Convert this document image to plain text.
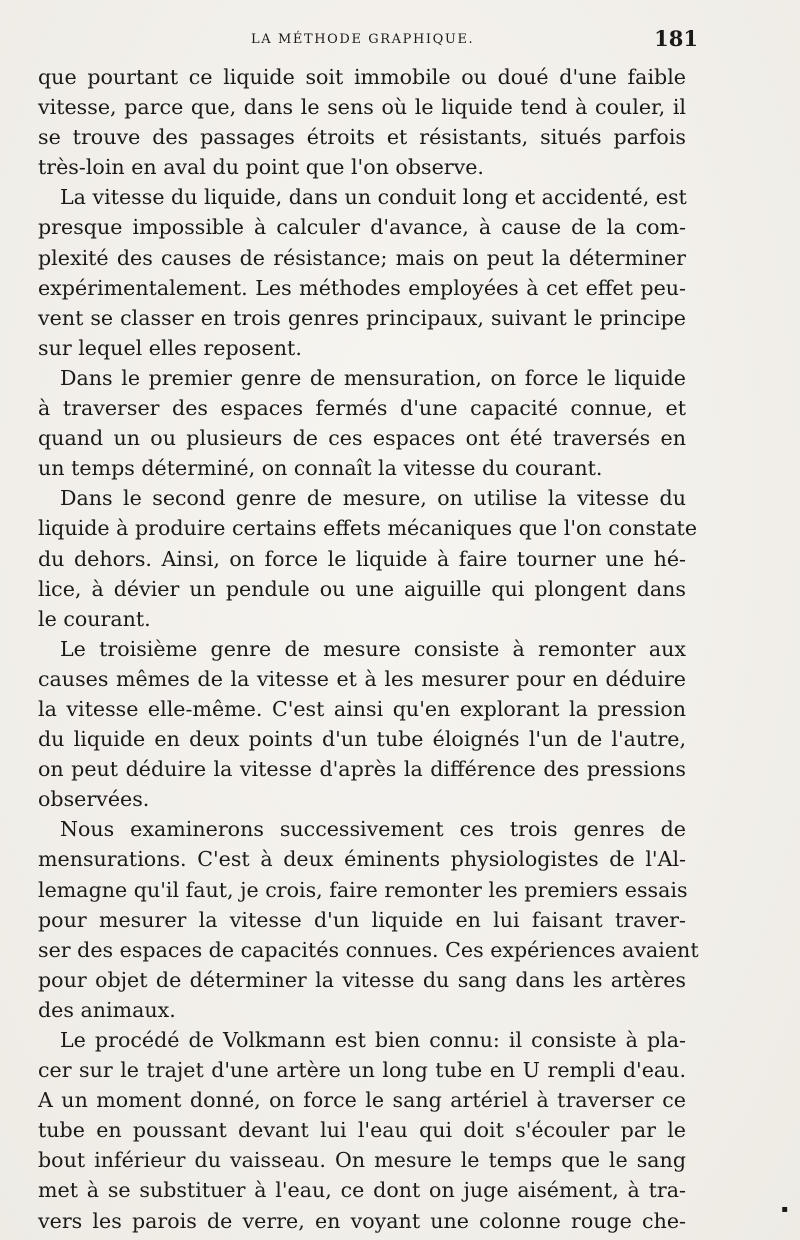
LA MÉTHODE GRAPHIQUE.	181
que pourtant ce liquide soit immobile ou doué d'une faible
vitesse, parce que, dans le sens où le liquide tend à couler, il
se trouve des passages étroits et résistants, situés parfois
très-loin en aval du point que l'on observe.
La vitesse du liquide, dans un conduit long et accidenté, est
presque impossible à calculer d'avance, à cause de la com-
plexité des causes de résistance; mais on peut la déterminer
expérimentalement. Les méthodes employées à cet effet peu-
vent se classer en trois genres principaux, suivant le principe
sur lequel elles reposent.
Dans le premier genre de mensuration, on force le liquide
à traverser des espaces fermés d'une capacité connue, et
quand un ou plusieurs de ces espaces ont été traversés en
un temps déterminé, on connaît la vitesse du courant.
Dans le second genre de mesure, on utilise la vitesse du
liquide à produire certains effets mécaniques que l'on constate
du dehors. Ainsi, on force le liquide à faire tourner une hé-
lice, à dévier un pendule ou une aiguille qui plongent dans
le courant.
Le troisième genre de mesure consiste à remonter aux
causes mêmes de la vitesse et à les mesurer pour en déduire
la vitesse elle-même. C'est ainsi qu'en explorant la pression
du liquide en deux points d'un tube éloignés l'un de l'autre,
on peut déduire la vitesse d'après la différence des pressions
observées.
Nous examinerons successivement ces trois genres de
mensurations. C'est à deux éminents physiologistes de l'Al-
lemagne qu'il faut, je crois, faire remonter les premiers essais
pour mesurer la vitesse d'un liquide en lui faisant traver-
ser des espaces de capacités connues. Ces expériences avaient
pour objet de déterminer la vitesse du sang dans les artères
des animaux.
Le procédé de Volkmann est bien connu: il consiste à pla-
cer sur le trajet d'une artère un long tube en U rempli d'eau.
A un moment donné, on force le sang artériel à traverser ce
tube en poussant devant lui l'eau qui doit s'écouler par le
bout inférieur du vaisseau. On mesure le temps que le sang
met à se substituer à l'eau, ce dont on juge aisément, à tra-
vers les parois de verre, en voyant une colonne rouge che-	▪
